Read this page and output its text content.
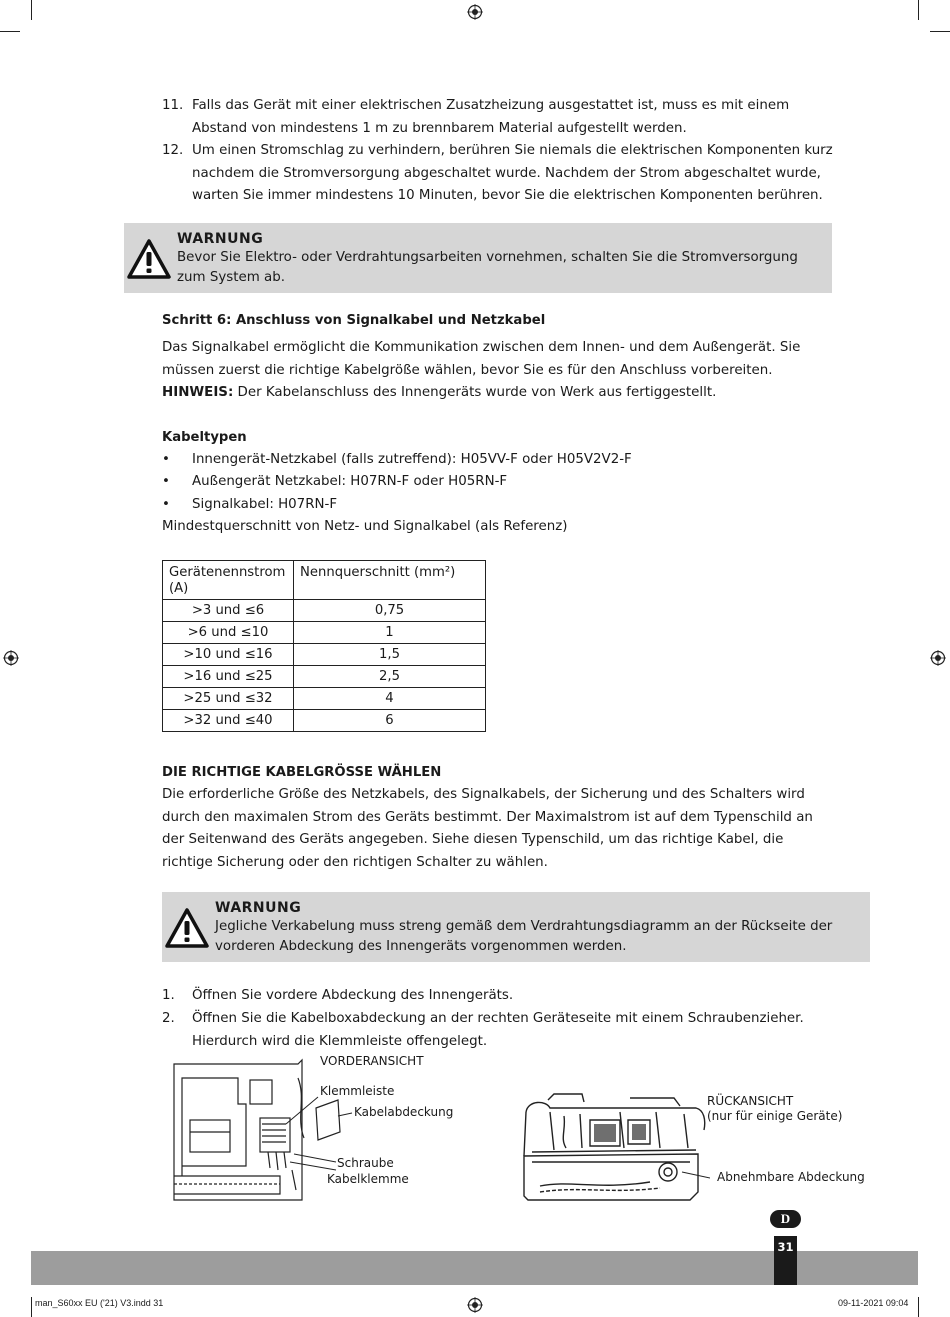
11. Falls das Gerät mit einer elektrischen Zusatzheizung ausgestattet ist, muss es mit einem Abstand von mindestens 1 m zu brennbarem Material aufgestellt werden.
12. Um einen Stromschlag zu verhindern, berühren Sie niemals die elektrischen Komponenten kurz nachdem die Stromversorgung abgeschaltet wurde. Nachdem der Strom abgeschaltet wurde, warten Sie immer mindestens 10 Minuten, bevor Sie die elektrischen Komponenten berühren.
WARNUNG
Bevor Sie Elektro- oder Verdrahtungsarbeiten vornehmen, schalten Sie die Stromversorgung zum System ab.
Schritt 6: Anschluss von Signalkabel und Netzkabel
Das Signalkabel ermöglicht die Kommunikation zwischen dem Innen- und dem Außengerät. Sie müssen zuerst die richtige Kabelgröße wählen, bevor Sie es für den Anschluss vorbereiten.
HINWEIS: Der Kabelanschluss des Innengeräts wurde von Werk aus fertiggestellt.
Kabeltypen
• Innengerät-Netzkabel (falls zutreffend): H05VV-F oder H05V2V2-F
• Außengerät Netzkabel: H07RN-F oder H05RN-F
• Signalkabel: H07RN-F
Mindestquerschnitt von Netz- und Signalkabel (als Referenz)
Gerätenennstrom (A)	Nennquerschnitt (mm²)
>3 und ≤6	0,75
>6 und ≤10	1
>10 und ≤16	1,5
>16 und ≤25	2,5
>25 und ≤32	4
>32 und ≤40	6
DIE RICHTIGE KABELGRÖSSE WÄHLEN
Die erforderliche Größe des Netzkabels, des Signalkabels, der Sicherung und des Schalters wird durch den maximalen Strom des Geräts bestimmt. Der Maximalstrom ist auf dem Typenschild an der Seitenwand des Geräts angegeben. Siehe diesen Typenschild, um das richtige Kabel, die richtige Sicherung oder den richtigen Schalter zu wählen.
WARNUNG
Jegliche Verkabelung muss streng gemäß dem Verdrahtungsdiagramm an der Rückseite der vorderen Abdeckung des Innengeräts vorgenommen werden.
1. Öffnen Sie vordere Abdeckung des Innengeräts.
2. Öffnen Sie die Kabelboxabdeckung an der rechten Geräteseite mit einem Schraubenzieher. Hierdurch wird die Klemmleiste offengelegt.
VORDERANSICHT
Klemmleiste
Kabelabdeckung
Schraube
Kabelklemme
RÜCKANSICHT
(nur für einige Geräte)
Abnehmbare Abdeckung
D
31
man_S60xx EU ('21) V3.indd 31	09-11-2021 09:04
